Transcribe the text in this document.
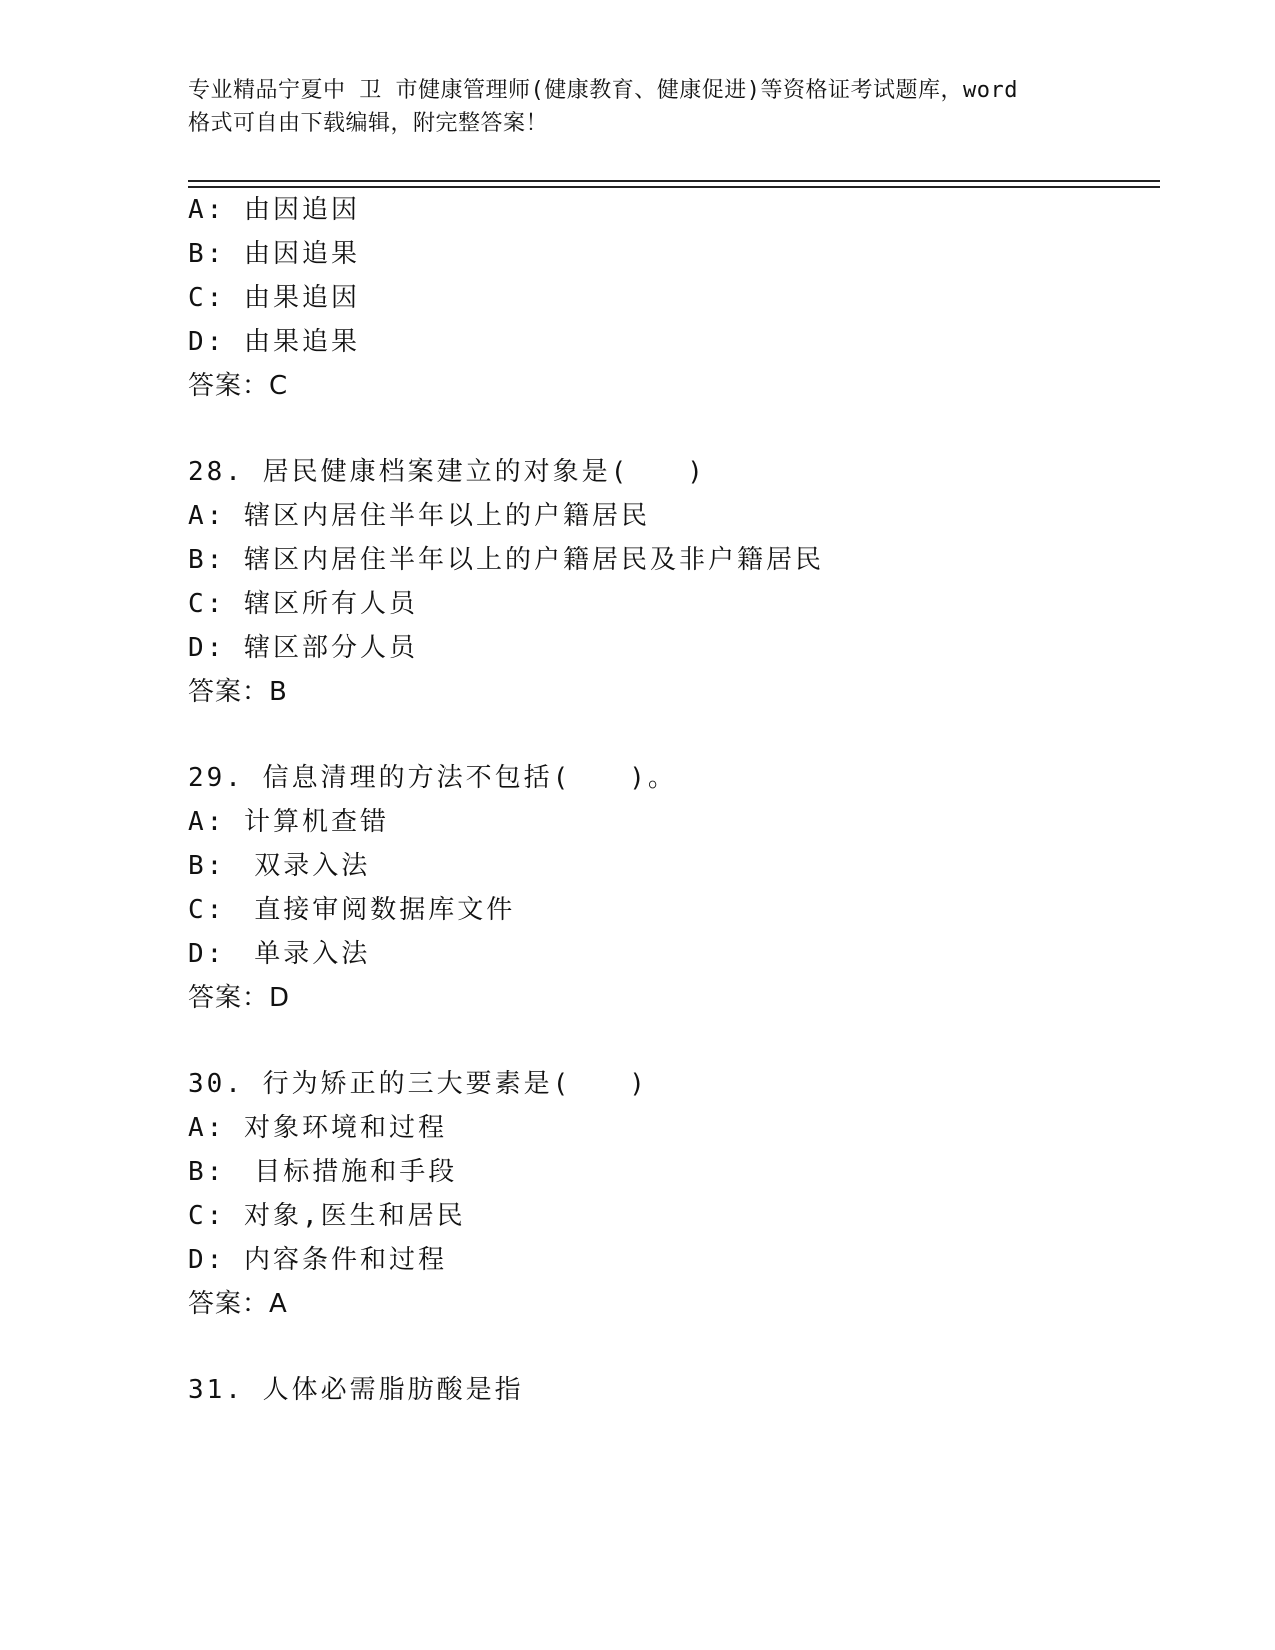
专业精品宁夏中 卫 市健康管理师(健康教育、健康促进)等资格证考试题库，word
格式可自由下载编辑，附完整答案！
A: 由因追因
B: 由因追果
C: 由果追因
D: 由果追果
答案：C
28. 居民健康档案建立的对象是(　　)
A: 辖区内居住半年以上的户籍居民
B: 辖区内居住半年以上的户籍居民及非户籍居民
C: 辖区所有人员
D: 辖区部分人员
答案：B
29. 信息清理的方法不包括(　　)。
A: 计算机查错
B:　双录入法
C:　直接审阅数据库文件
D:　单录入法
答案：D
30. 行为矫正的三大要素是(　　)
A: 对象环境和过程
B:　目标措施和手段
C: 对象,医生和居民
D: 内容条件和过程
答案：A
31. 人体必需脂肪酸是指
